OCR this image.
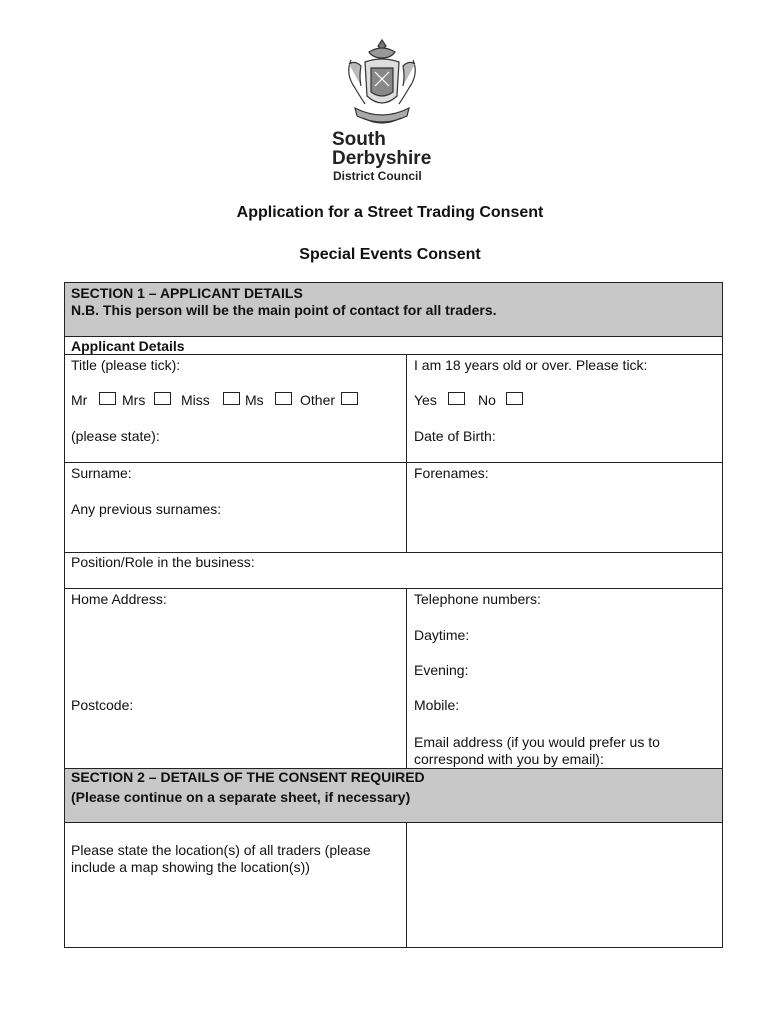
South
Derbyshire
District Council
Application for a Street Trading Consent
Special Events Consent
SECTION 1 – APPLICANT DETAILS
N.B. This person will be the main point of contact for all traders.
Applicant Details
Title (please tick):
Mr Mrs	Miss	Ms	Other
(please state):
I am 18 years old or over. Please tick:
Yes	No
Date of Birth:
Surname:
Any previous surnames:
Forenames:
Position/Role in the business:
Home Address:
Postcode:
Telephone numbers:
Daytime:
Evening:
Mobile:
Email address (if you would prefer us to correspond with you by email):
SECTION 2 – DETAILS OF THE CONSENT REQUIRED
(Please continue on a separate sheet, if necessary)
Please state the location(s) of all traders (please include a map showing the location(s))
